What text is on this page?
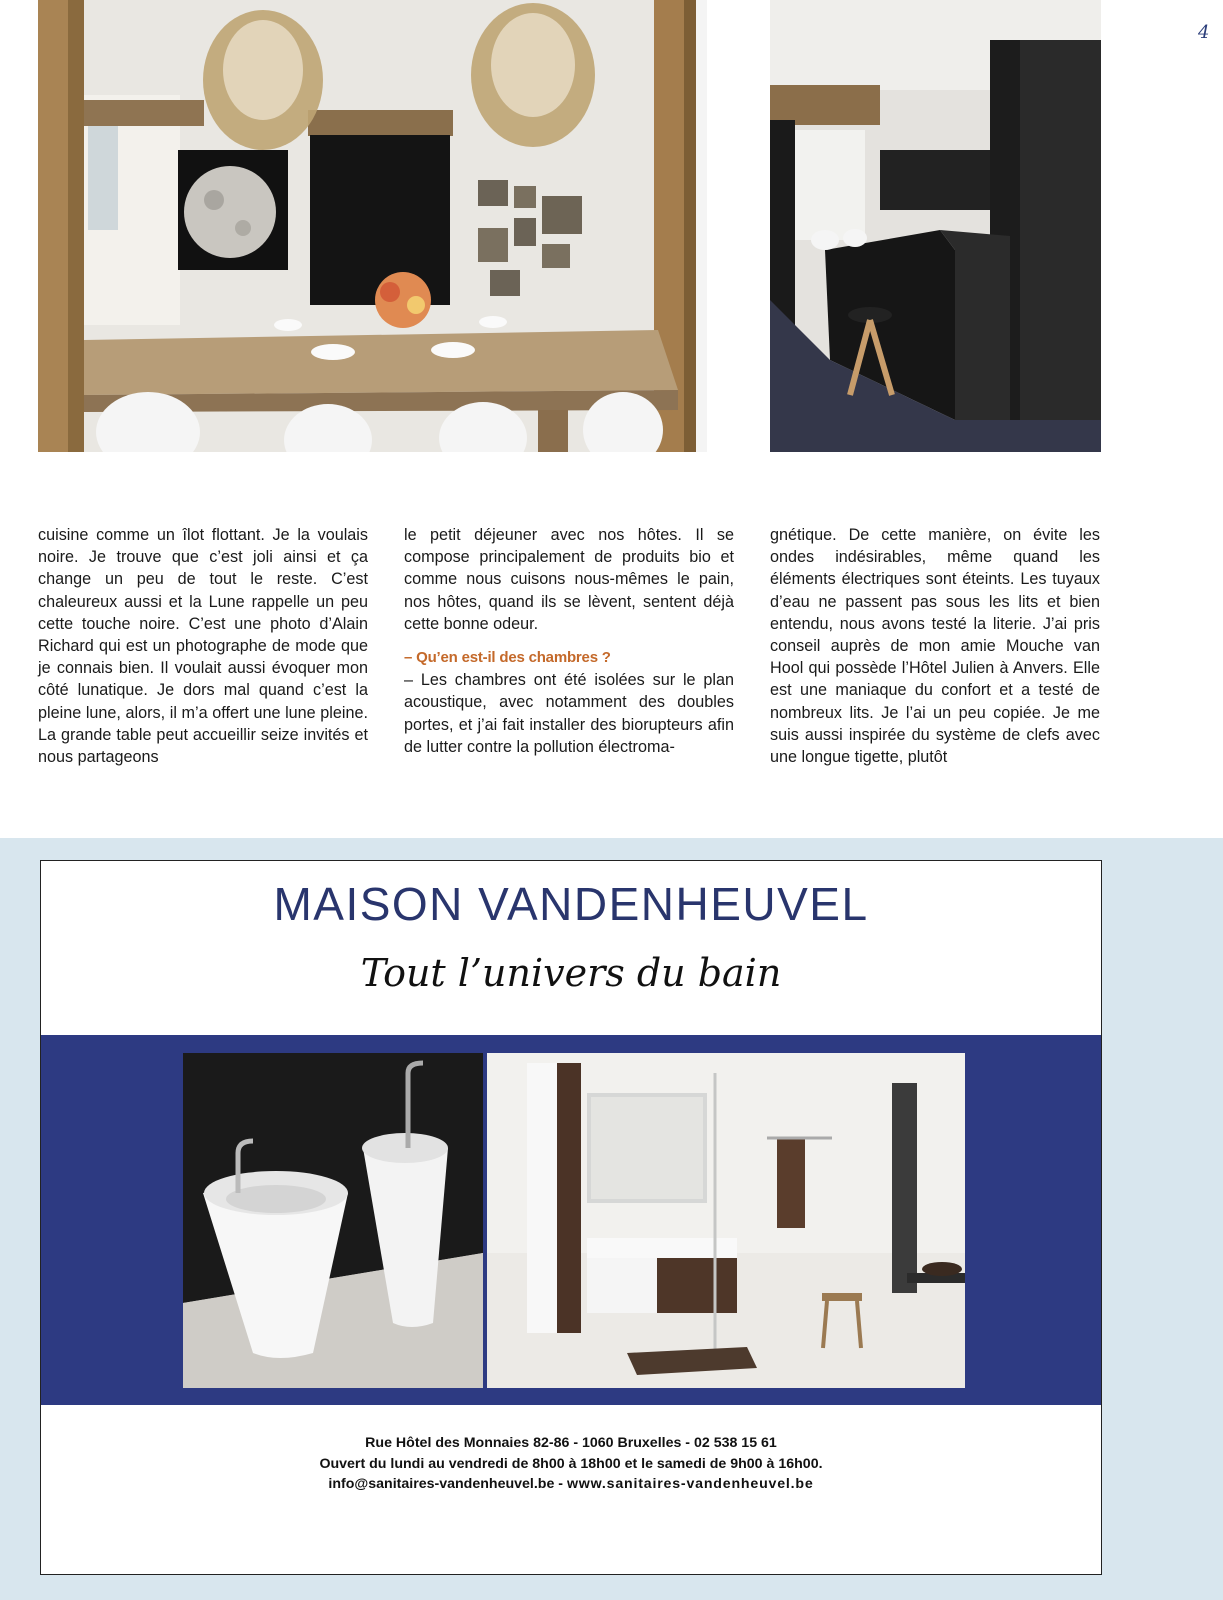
4

cuisine comme un îlot flottant. Je la voulais noire. Je trouve que c’est joli ainsi et ça change un peu de tout le reste. C’est chaleureux aussi et la Lune rappelle un peu cette touche noire. C’est une photo d’Alain Richard qui est un photographe de mode que je connais bien. Il voulait aussi évoquer mon côté lunatique. Je dors mal quand c’est la pleine lune, alors, il m’a offert une lune pleine. La grande table peut accueillir seize invités et nous partageons

le petit déjeuner avec nos hôtes. Il se compose principalement de produits bio et comme nous cuisons nous-mêmes le pain, nos hôtes, quand ils se lèvent, sentent déjà cette bonne odeur.

– Qu’en est-il des chambres ?

– Les chambres ont été isolées sur le plan acoustique, avec notamment des doubles portes, et j’ai fait installer des biorupteurs afin de lutter contre la pollution électroma-

gnétique. De cette manière, on évite les ondes indésirables, même quand les éléments électriques sont éteints. Les tuyaux d’eau ne passent pas sous les lits et bien entendu, nous avons testé la literie. J’ai pris conseil auprès de mon amie Mouche van Hool qui possède l’Hôtel Julien à Anvers. Elle est une maniaque du confort et a testé de nombreux lits. Je l’ai un peu copiée. Je me suis aussi inspirée du système de clefs avec une longue tigette, plutôt

MAISON VANDENHEUVEL
Tout l’univers du bain
Rue Hôtel des Monnaies 82-86 - 1060 Bruxelles - 02 538 15 61
Ouvert du lundi au vendredi de 8h00 à 18h00 et le samedi de 9h00 à 16h00.
info@sanitaires-vandenheuvel.be - www.sanitaires-vandenheuvel.be
